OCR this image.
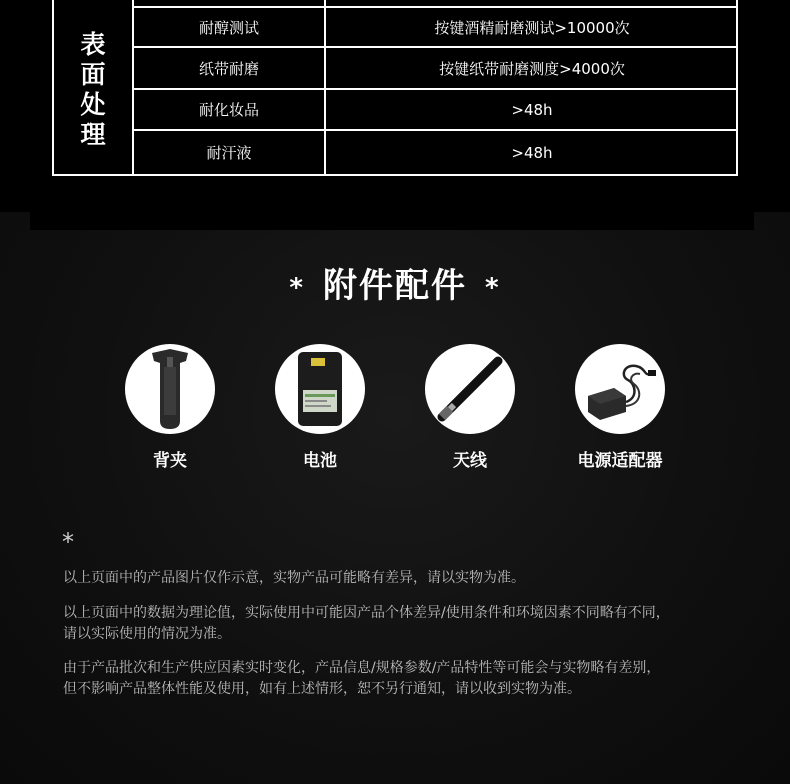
表
面
处
理
耐醇测试	按键酒精耐磨测试>10000次
纸带耐磨	按键纸带耐磨测度>4000次
耐化妆品	>48h
耐汗液	>48h
* 附件配件 *
背夹	电池	天线	电源适配器
*
以上页面中的产品图片仅作示意，实物产品可能略有差异，请以实物为准。
以上页面中的数据为理论值，实际使用中可能因产品个体差异/使用条件和环境因素不同略有不同，
请以实际使用的情况为准。
由于产品批次和生产供应因素实时变化，产品信息/规格参数/产品特性等可能会与实物略有差别，
但不影响产品整体性能及使用，如有上述情形，恕不另行通知，请以收到实物为准。
